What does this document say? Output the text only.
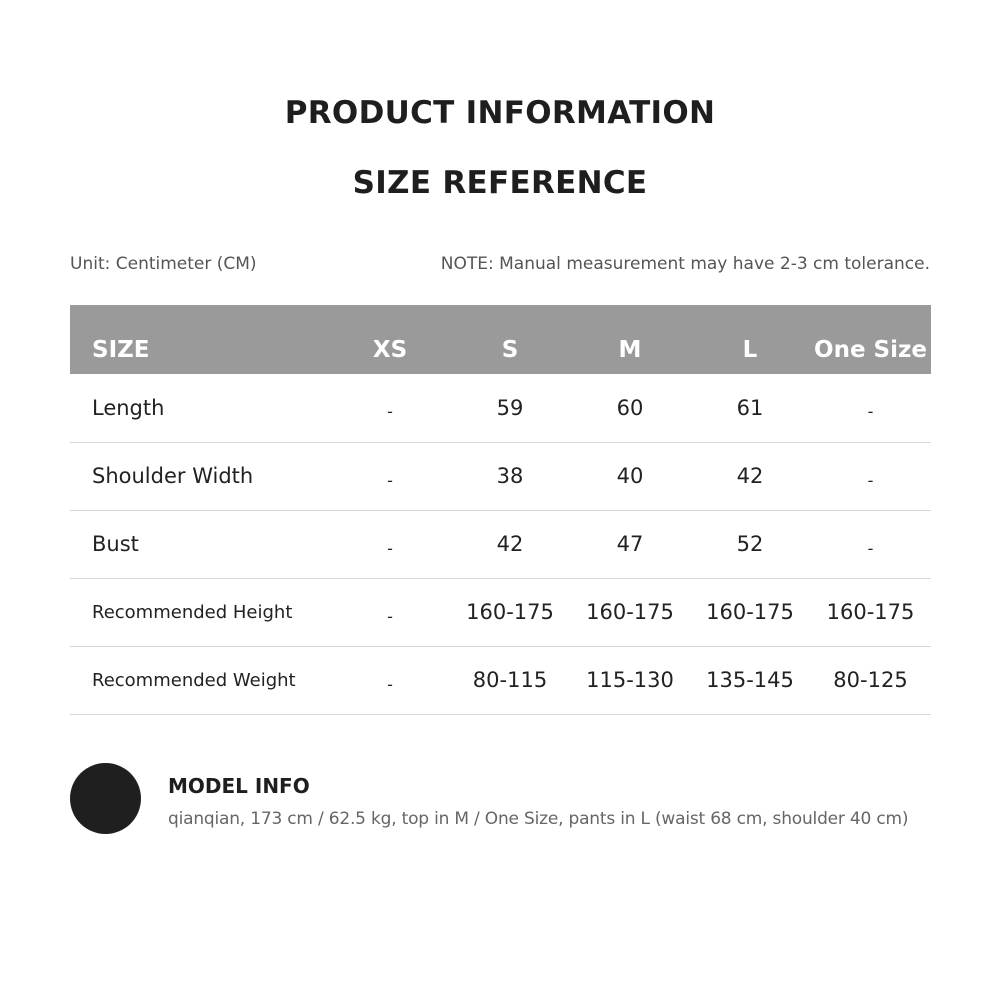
PRODUCT INFORMATION
SIZE REFERENCE
Unit: Centimeter (CM)	NOTE: Manual measurement may have 2-3 cm tolerance.
SIZE	XS	S	M	L	One Size
Length	-	59	60	61	-
Shoulder Width	-	38	40	42	-
Bust	-	42	47	52	-
Recommended Height	-	160-175	160-175	160-175	160-175
Recommended Weight	-	80-115	115-130	135-145	80-125
MODEL INFO
qianqian, 173 cm / 62.5 kg, top in M / One Size, pants in L (waist 68 cm, shoulder 40 cm)
